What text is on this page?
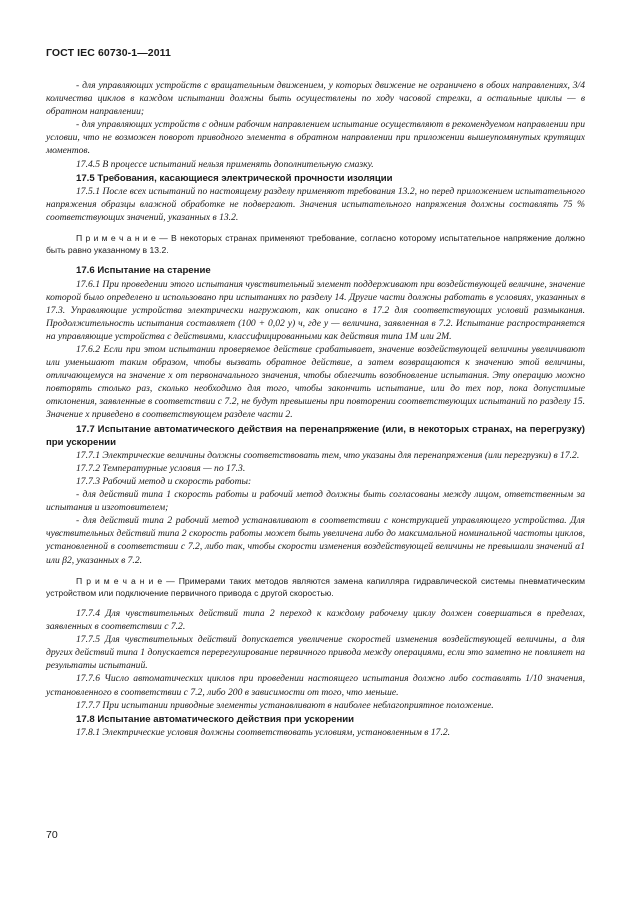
ГОСТ IEC 60730-1—2011

- для управляющих устройств с вращательным движением, у которых движение не ограничено в обоих направлениях, 3/4 количества циклов в каждом испытании должны быть осуществлены по ходу часовой стрелки, а остальные циклы — в обратном направлении;

- для управляющих устройств с одним рабочим направлением испытание осуществляют в рекомендуемом направлении при условии, что не возможен поворот приводного элемента в обратном направлении при приложении вышеупомянутых крутящих моментов.

17.4.5 В процессе испытаний нельзя применять дополнительную смазку.

17.5 Требования, касающиеся электрической прочности изоляции

17.5.1 После всех испытаний по настоящему разделу применяют требования 13.2, но перед приложением испытательного напряжения образцы влажной обработке не подвергают. Значения испытательного напряжения должны составлять 75 % соответствующих значений, указанных в 13.2.

П р и м е ч а н и е — В некоторых странах применяют требование, согласно которому испытательное напряжение должно быть равно указанному в 13.2.

17.6 Испытание на старение

17.6.1 При проведении этого испытания чувствительный элемент поддерживают при воздействующей величине, значение которой было определено и использовано при испытаниях по разделу 14. Другие части должны работать в условиях, указанных в 17.3. Управляющие устройства электрически нагружают, как описано в 17.2 для соответствующих условий размыкания. Продолжительность испытания составляет (100 + 0,02 y) ч, где y — величина, заявленная в 7.2. Испытание распространяется на управляющие устройства с действиями, классифицированными как действия типа 1M или 2M.

17.6.2 Если при этом испытании проверяемое действие срабатывает, значение воздействующей величины увеличивают или уменьшают таким образом, чтобы вызвать обратное действие, а затем возвращаются к значению этой величины, отличающемуся на значение x от первоначального значения, чтобы облегчить возобновление испытания. Эту операцию можно повторять столько раз, сколько необходимо для того, чтобы закончить испытание, или до тех пор, пока допустимые отклонения, заявленные в соответствии с 7.2, не будут превышены при повторении соответствующих испытаний по разделу 15. Значение x приведено в соответствующем разделе части 2.

17.7 Испытание автоматического действия на перенапряжение (или, в некоторых странах, на перегрузку) при ускорении

17.7.1 Электрические величины должны соответствовать тем, что указаны для перенапряжения (или перегрузки) в 17.2.

17.7.2 Температурные условия — по 17.3.

17.7.3 Рабочий метод и скорость работы:

- для действий типа 1 скорость работы и рабочий метод должны быть согласованы между лицом, ответственным за испытания и изготовителем;

- для действий типа 2 рабочий метод устанавливают в соответствии с конструкцией управляющего устройства. Для чувствительных действий типа 2 скорость работы может быть увеличена либо до максимальной номинальной частоты циклов, установленной в соответствии с 7.2, либо так, чтобы скорости изменения воздействующей величины не превышали значений α1 или β2, указанных в 7.2.

П р и м е ч а н и е — Примерами таких методов являются замена капилляра гидравлической системы пневматическим устройством или подключение первичного привода с другой скоростью.

17.7.4 Для чувствительных действий типа 2 переход к каждому рабочему циклу должен совершаться в пределах, заявленных в соответствии с 7.2.

17.7.5 Для чувствительных действий допускается увеличение скоростей изменения воздействующей величины, а для других действий типа 1 допускается перерегулирование первичного привода между операциями, если это заметно не повлияет на результаты испытаний.

17.7.6 Число автоматических циклов при проведении настоящего испытания должно либо составлять 1/10 значения, установленного в соответствии с 7.2, либо 200 в зависимости от того, что меньше.

17.7.7 При испытании приводные элементы устанавливают в наиболее неблагоприятное положение.

17.8 Испытание автоматического действия при ускорении

17.8.1 Электрические условия должны соответствовать условиям, установленным в 17.2.

70
